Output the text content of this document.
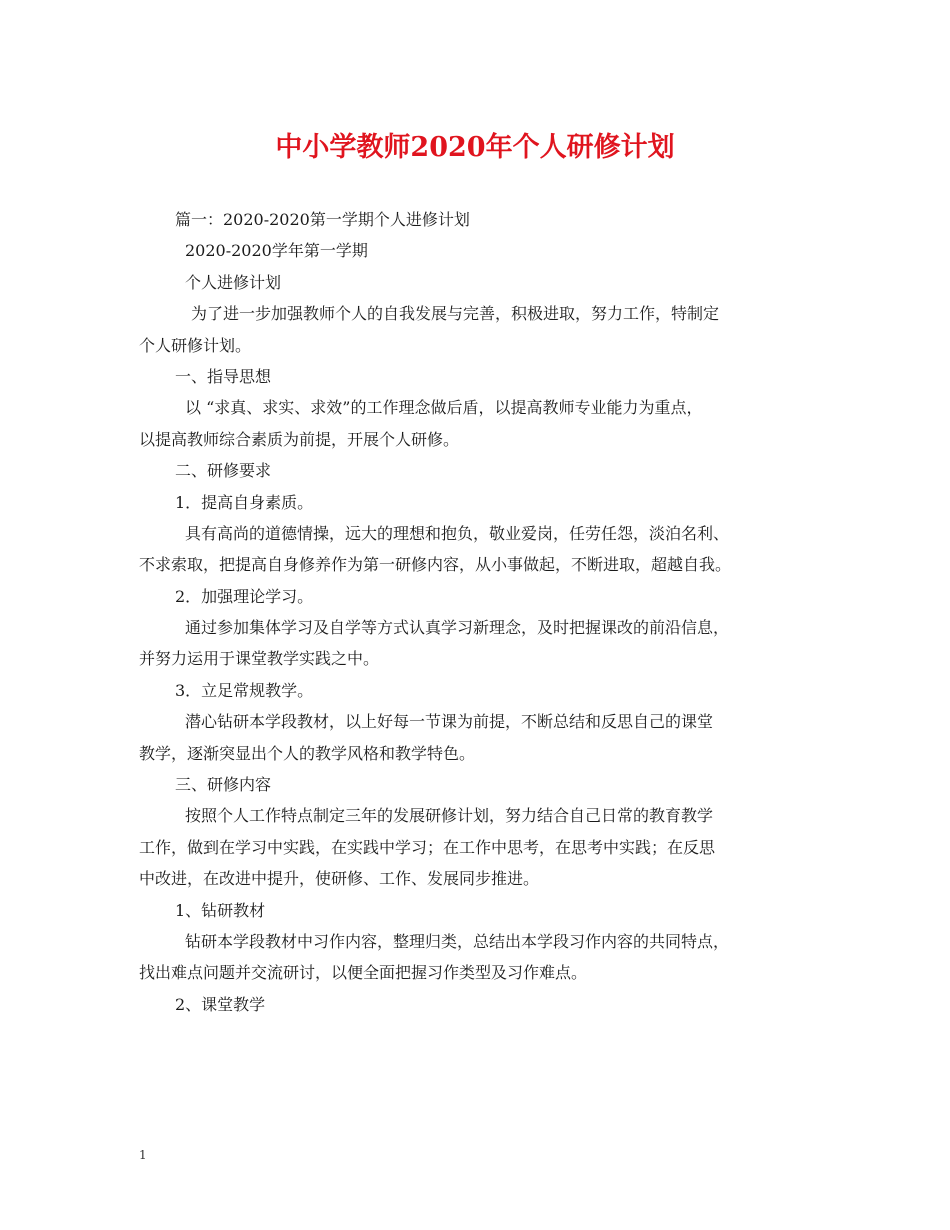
中小学教师2020年个人研修计划
篇一：2020-2020第一学期个人进修计划
2020-2020学年第一学期
个人进修计划
为了进一步加强教师个人的自我发展与完善，积极进取，努力工作，特制定
个人研修计划。
一、指导思想
以 “求真、求实、求效”的工作理念做后盾，以提高教师专业能力为重点，
以提高教师综合素质为前提，开展个人研修。
二、研修要求
1．提高自身素质。
具有高尚的道德情操，远大的理想和抱负，敬业爱岗，任劳任怨，淡泊名利、
不求索取，把提高自身修养作为第一研修内容，从小事做起，不断进取，超越自我。
2．加强理论学习。
通过参加集体学习及自学等方式认真学习新理念，及时把握课改的前沿信息，
并努力运用于课堂教学实践之中。
3．立足常规教学。
潜心钻研本学段教材，以上好每一节课为前提，不断总结和反思自己的课堂
教学，逐渐突显出个人的教学风格和教学特色。
三、研修内容
按照个人工作特点制定三年的发展研修计划，努力结合自己日常的教育教学
工作，做到在学习中实践，在实践中学习；在工作中思考，在思考中实践；在反思
中改进，在改进中提升，使研修、工作、发展同步推进。
1、钻研教材
钻研本学段教材中习作内容，整理归类，总结出本学段习作内容的共同特点，
找出难点问题并交流研讨，以便全面把握习作类型及习作难点。
2、课堂教学
1
